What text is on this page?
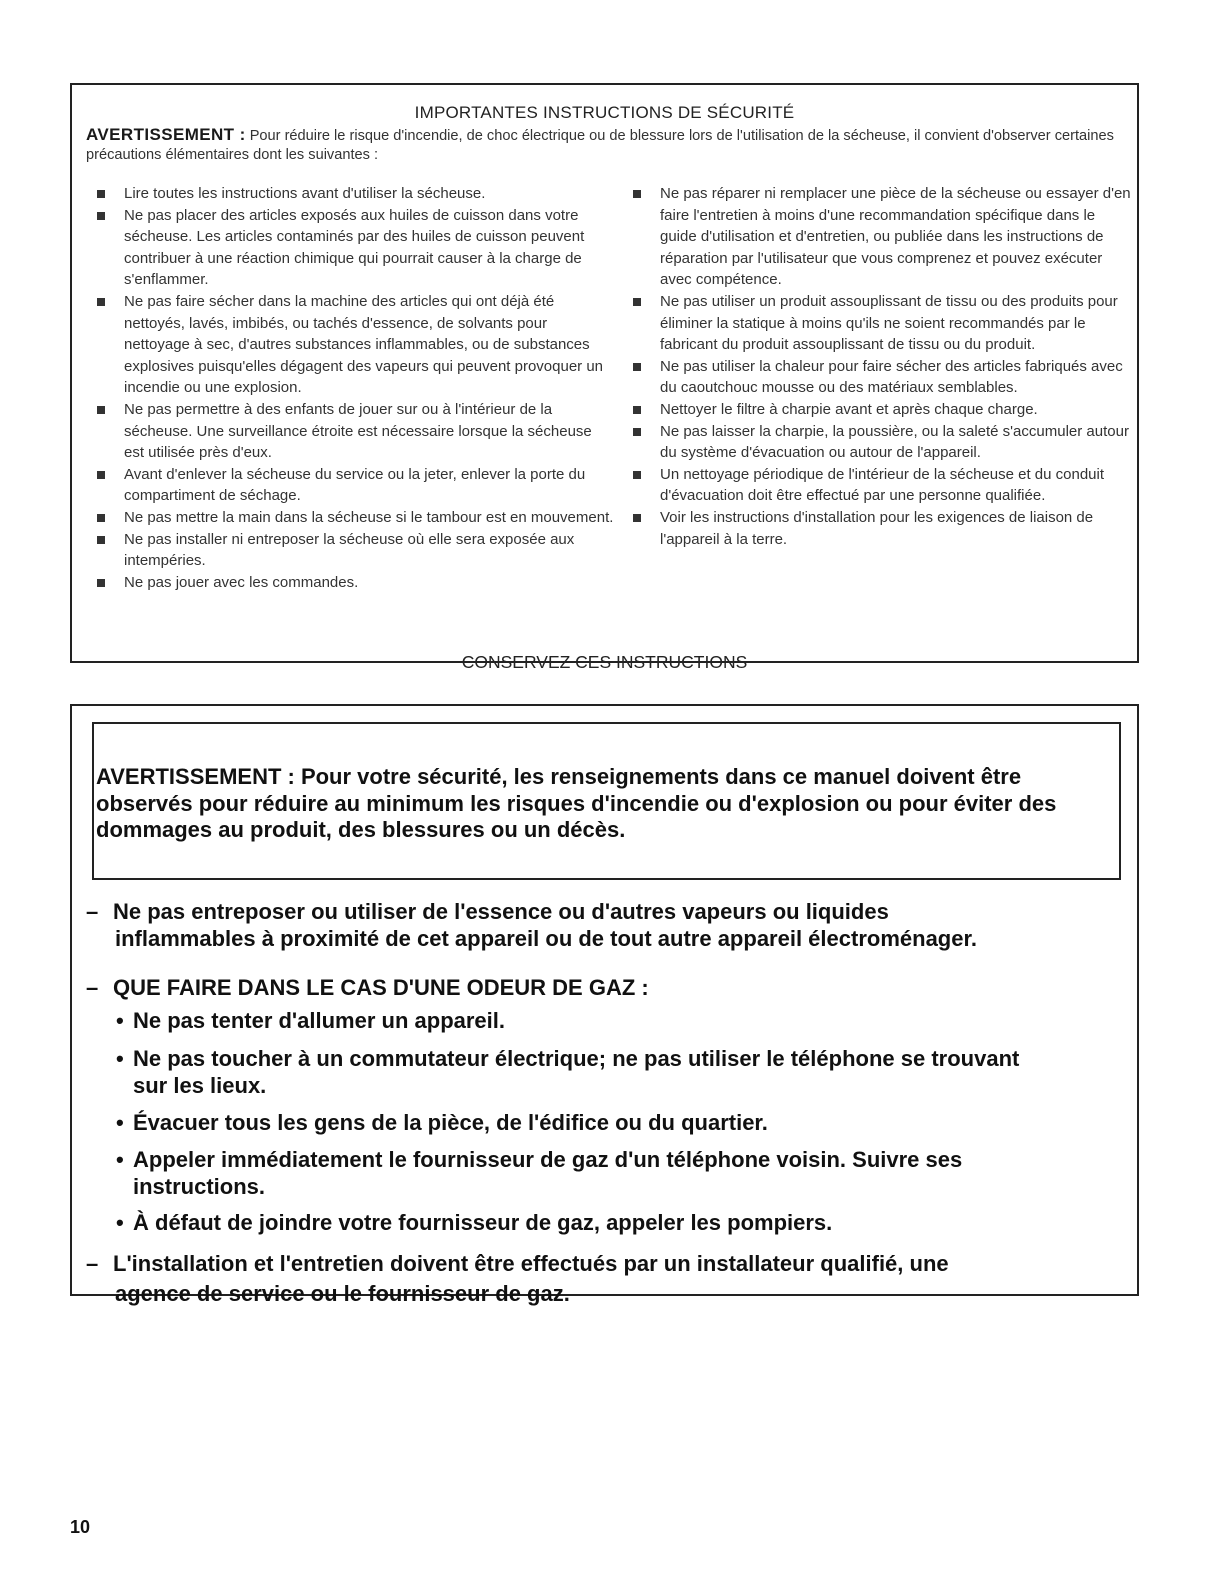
IMPORTANTES INSTRUCTIONS DE SÉCURITÉ
AVERTISSEMENT : Pour réduire le risque d'incendie, de choc électrique ou de blessure lors de l'utilisation de la sécheuse, il convient d'observer certaines précautions élémentaires dont les suivantes :
Lire toutes les instructions avant d'utiliser la sécheuse.
Ne pas placer des articles exposés aux huiles de cuisson dans votre sécheuse. Les articles contaminés par des huiles de cuisson peuvent contribuer à une réaction chimique qui pourrait causer à la charge de s'enflammer.
Ne pas faire sécher dans la machine des articles qui ont déjà été nettoyés, lavés, imbibés, ou tachés d'essence, de solvants pour nettoyage à sec, d'autres substances inflammables, ou de substances explosives puisqu'elles dégagent des vapeurs qui peuvent provoquer un incendie ou une explosion.
Ne pas permettre à des enfants de jouer sur ou à l'intérieur de la sécheuse. Une surveillance étroite est nécessaire lorsque la sécheuse est utilisée près d'eux.
Avant d'enlever la sécheuse du service ou la jeter, enlever la porte du compartiment de séchage.
Ne pas mettre la main dans la sécheuse si le tambour est en mouvement.
Ne pas installer ni entreposer la sécheuse où elle sera exposée aux intempéries.
Ne pas jouer avec les commandes.
Ne pas réparer ni remplacer une pièce de la sécheuse ou essayer d'en faire l'entretien à moins d'une recommandation spécifique dans le guide d'utilisation et d'entretien, ou publiée dans les instructions de réparation par l'utilisateur que vous comprenez et pouvez exécuter avec compétence.
Ne pas utiliser un produit assouplissant de tissu ou des produits pour éliminer la statique à moins qu'ils ne soient recommandés par le fabricant du produit assouplissant de tissu ou du produit.
Ne pas utiliser la chaleur pour faire sécher des articles fabriqués avec du caoutchouc mousse ou des matériaux semblables.
Nettoyer le filtre à charpie avant et après chaque charge.
Ne pas laisser la charpie, la poussière, ou la saleté s'accumuler autour du système d'évacuation ou autour de l'appareil.
Un nettoyage périodique de l'intérieur de la sécheuse et du conduit d'évacuation doit être effectué par une personne qualifiée.
Voir les instructions d'installation pour les exigences de liaison de l'appareil à la terre.
CONSERVEZ CES INSTRUCTIONS
AVERTISSEMENT : Pour votre sécurité, les renseignements dans ce manuel doivent être observés pour réduire au minimum les risques d'incendie ou d'explosion ou pour éviter des dommages au produit, des blessures ou un décès.
– Ne pas entreposer ou utiliser de l'essence ou d'autres vapeurs ou liquides
inflammables à proximité de cet appareil ou de tout autre appareil électroménager.
– QUE FAIRE DANS LE CAS D'UNE ODEUR DE GAZ :
• Ne pas tenter d'allumer un appareil.
• Ne pas toucher à un commutateur électrique; ne pas utiliser le téléphone se trouvant
sur les lieux.
• Évacuer tous les gens de la pièce, de l'édifice ou du quartier.
• Appeler immédiatement le fournisseur de gaz d'un téléphone voisin. Suivre ses
instructions.
• À défaut de joindre votre fournisseur de gaz, appeler les pompiers.
– L'installation et l'entretien doivent être effectués par un installateur qualifié, une
agence de service ou le fournisseur de gaz.
10
